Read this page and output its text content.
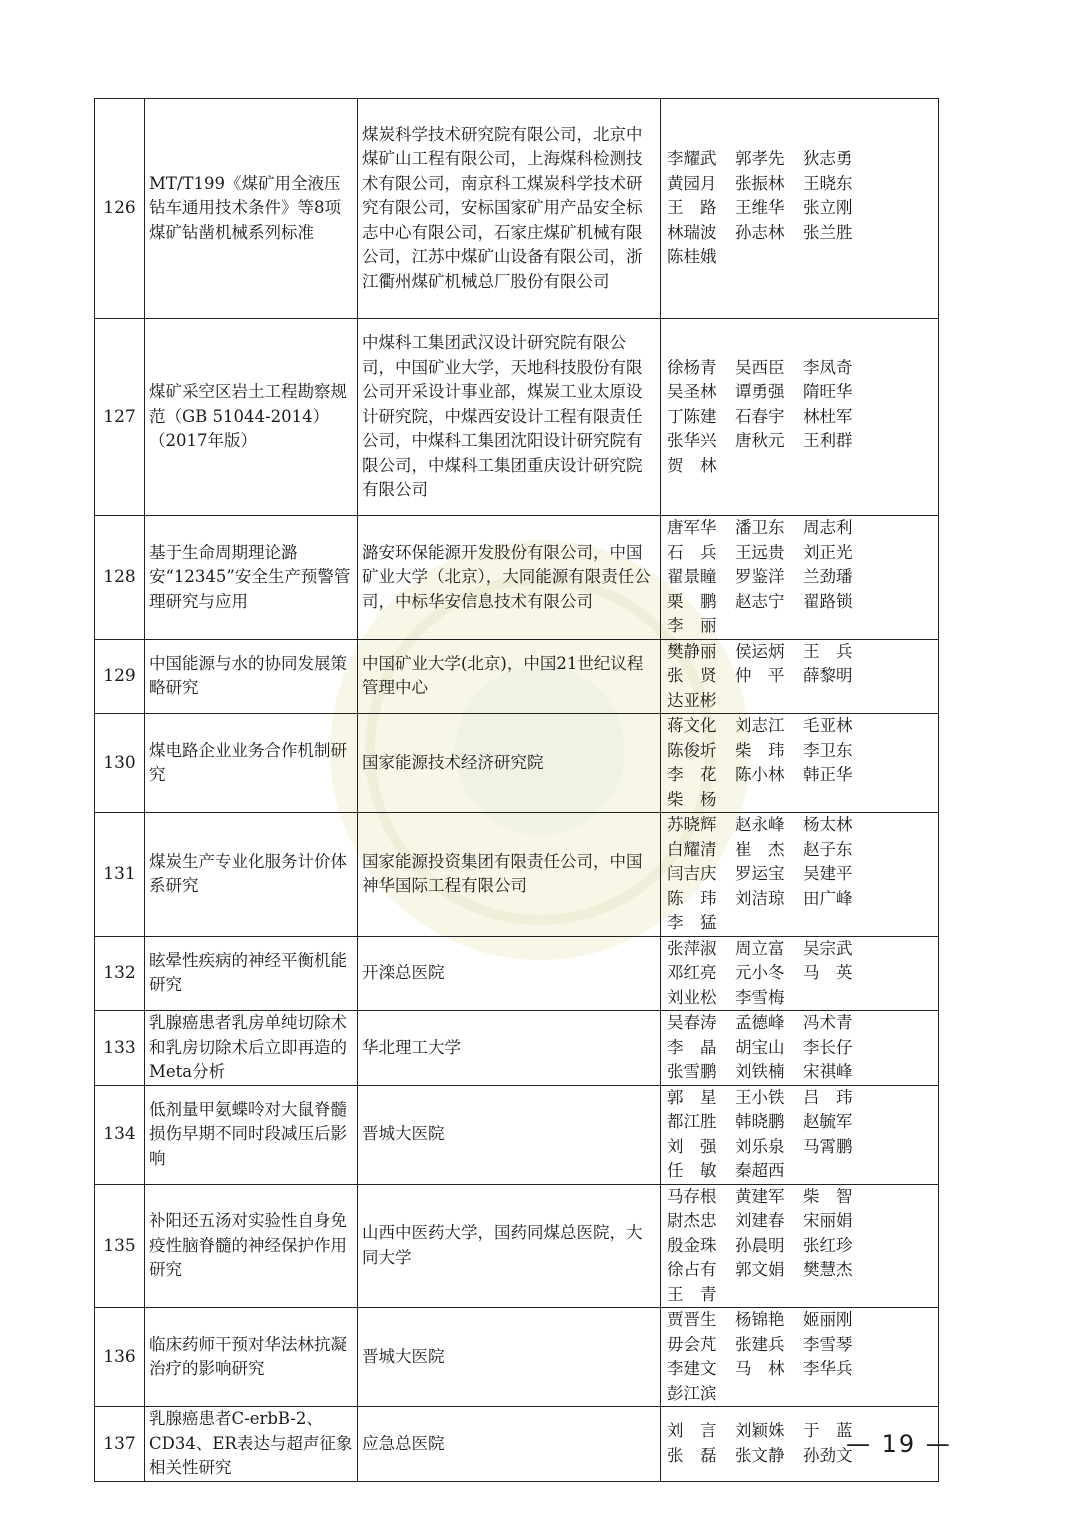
126	MT/T199《煤矿用全液压钻车通用技术条件》等8项煤矿钻凿机械系列标准	煤炭科学技术研究院有限公司，北京中煤矿山工程有限公司，上海煤科检测技术有限公司，南京科工煤炭科学技术研究有限公司，安标国家矿用产品安全标志中心有限公司，石家庄煤矿机械有限公司，江苏中煤矿山设备有限公司，浙江衢州煤矿机械总厂股份有限公司	李耀武 郭孝先 狄志勇黄园月 张振林 王晓东王　路 王维华 张立刚林瑞波 孙志林 张兰胜陈桂娥
127	煤矿采空区岩土工程勘察规范（GB 51044-2014）（2017年版）	中煤科工集团武汉设计研究院有限公司，中国矿业大学，天地科技股份有限公司开采设计事业部，煤炭工业太原设计研究院，中煤西安设计工程有限责任公司，中煤科工集团沈阳设计研究院有限公司，中煤科工集团重庆设计研究院有限公司	徐杨青 吴西臣 李凤奇吴圣林 谭勇强 隋旺华丁陈建 石春宇 林杜军张华兴 唐秋元 王利群贺　林
128	基于生命周期理论潞安“12345”安全生产预警管理研究与应用	潞安环保能源开发股份有限公司，中国矿业大学（北京），大同能源有限责任公司，中标华安信息技术有限公司	唐军华 潘卫东 周志利石　兵 王远贵 刘正光翟景瞳 罗鉴洋 兰劲璠栗　鹏 赵志宁 翟路锁李　丽
129	中国能源与水的协同发展策略研究	中国矿业大学(北京)，中国21世纪议程管理中心	樊静丽 侯运炳 王　兵张　贤 仲　平 薛黎明达亚彬
130	煤电路企业业务合作机制研究	国家能源技术经济研究院	蒋文化 刘志江 毛亚林陈俊圻 柴　玮 李卫东李　花 陈小林 韩正华柴　杨
131	煤炭生产专业化服务计价体系研究	国家能源投资集团有限责任公司，中国神华国际工程有限公司	苏晓辉 赵永峰 杨太林白耀清 崔　杰 赵子东闫吉庆 罗运宝 吴建平陈　玮 刘洁琼 田广峰李　猛
132	眩晕性疾病的神经平衡机能研究	开滦总医院	张萍淑 周立富 吴宗武邓红亮 元小冬 马　英刘业松 李雪梅
133	乳腺癌患者乳房单纯切除术和乳房切除术后立即再造的Meta分析	华北理工大学	吴春涛 孟德峰 冯术青李　晶 胡宝山 李长仔张雪鹏 刘铁楠 宋祺峰
134	低剂量甲氨蝶呤对大鼠脊髓损伤早期不同时段减压后影响	晋城大医院	郭　星 王小铁 吕　玮都江胜 韩晓鹏 赵毓军刘　强 刘乐泉 马霄鹏任　敏 秦超西
135	补阳还五汤对实验性自身免疫性脑脊髓的神经保护作用研究	山西中医药大学，国药同煤总医院，大同大学	马存根 黄建军 柴　智尉杰忠 刘建春 宋丽娟殷金珠 孙晨明 张红珍徐占有 郭文娟 樊慧杰王　青
136	临床药师干预对华法林抗凝治疗的影响研究	晋城大医院	贾晋生 杨锦艳 姬丽刚毋会芃 张建兵 李雪琴李建文 马　林 李华兵彭江滨
137	乳腺癌患者C-erbB-2、CD34、ER表达与超声征象相关性研究	应急总医院	刘　言 刘颖姝 于　蓝张　磊 张文静 孙劲文
— 19 —
